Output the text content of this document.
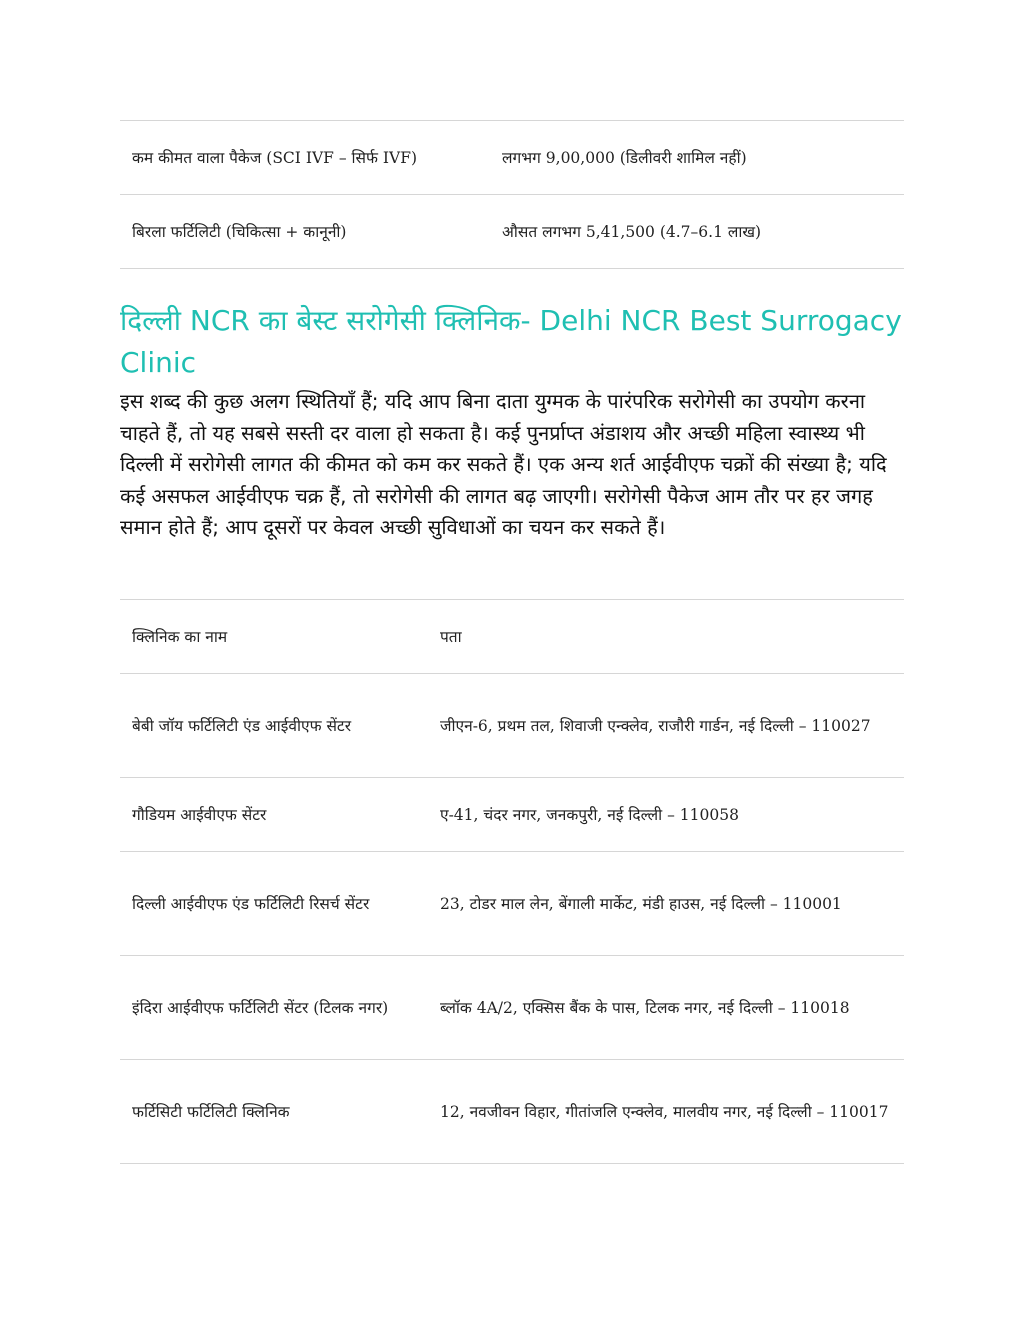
कम कीमत वाला पैकेज (SCI IVF – सिर्फ IVF)	लगभग 9,00,000 (डिलीवरी शामिल नहीं)
बिरला फर्टिलिटी (चिकित्सा + कानूनी)	औसत लगभग 5,41,500 (4.7–6.1 लाख)
दिल्ली NCR का बेस्ट सरोगेसी क्लिनिक- Delhi NCR Best Surrogacy Clinic

इस शब्द की कुछ अलग स्थितियाँ हैं; यदि आप बिना दाता युग्मक के पारंपरिक सरोगेसी का उपयोग करना चाहते हैं, तो यह सबसे सस्ती दर वाला हो सकता है। कई पुनर्प्राप्त अंडाशय और अच्छी महिला स्वास्थ्य भी दिल्ली में सरोगेसी लागत की कीमत को कम कर सकते हैं। एक अन्य शर्त आईवीएफ चक्रों की संख्या है; यदि कई असफल आईवीएफ चक्र हैं, तो सरोगेसी की लागत बढ़ जाएगी। सरोगेसी पैकेज आम तौर पर हर जगह समान होते हैं; आप दूसरों पर केवल अच्छी सुविधाओं का चयन कर सकते हैं।

क्लिनिक का नाम	पता
बेबी जॉय फर्टिलिटी एंड आईवीएफ सेंटर	जीएन-6, प्रथम तल, शिवाजी एन्क्लेव, राजौरी गार्डन, नई दिल्ली – 110027
गौडियम आईवीएफ सेंटर	ए-41, चंदर नगर, जनकपुरी, नई दिल्ली – 110058
दिल्ली आईवीएफ एंड फर्टिलिटी रिसर्च सेंटर	23, टोडर माल लेन, बेंगाली मार्केट, मंडी हाउस, नई दिल्ली – 110001
इंदिरा आईवीएफ फर्टिलिटी सेंटर (टिलक नगर)	ब्लॉक 4A/2, एक्सिस बैंक के पास, टिलक नगर, नई दिल्ली – 110018
फर्टिसिटी फर्टिलिटी क्लिनिक	12, नवजीवन विहार, गीतांजलि एन्क्लेव, मालवीय नगर, नई दिल्ली – 110017
